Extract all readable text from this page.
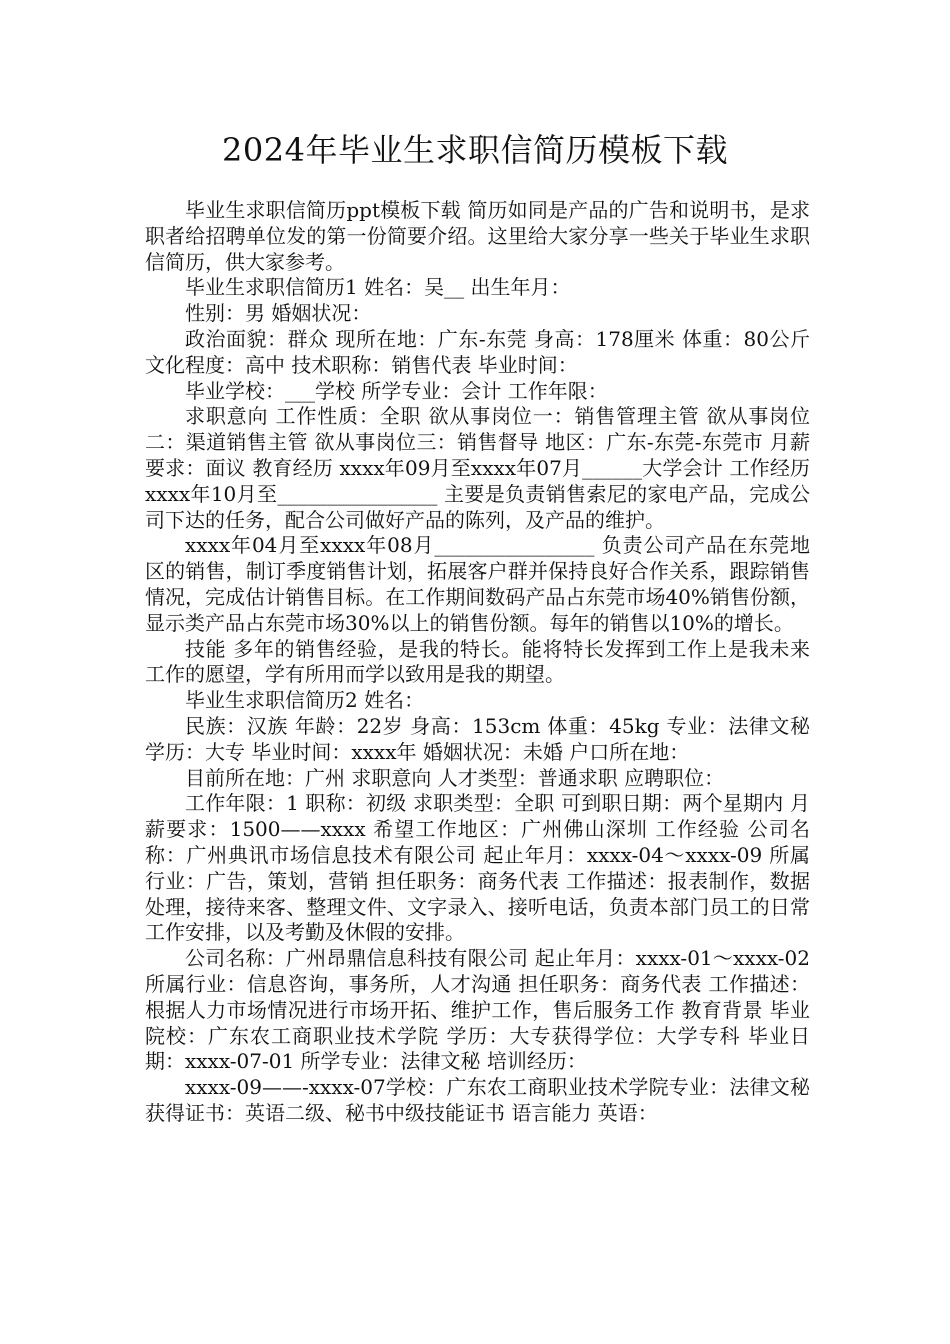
2024年毕业生求职信简历模板下载

毕业生求职信简历ppt模板下载 简历如同是产品的广告和说明书，是求职者给招聘单位发的第一份简要介绍。这里给大家分享一些关于毕业生求职信简历，供大家参考。

毕业生求职信简历1 姓名：吴__ 出生年月：

性别：男 婚姻状况：

政治面貌：群众 现所在地：广东-东莞 身高：178厘米 体重：80公斤 文化程度：高中 技术职称：销售代表 毕业时间：

毕业学校：___学校 所学专业：会计 工作年限：

求职意向 工作性质：全职 欲从事岗位一：销售管理主管 欲从事岗位二：渠道销售主管 欲从事岗位三：销售督导 地区：广东-东莞-东莞市 月薪要求：面议 教育经历 xxxx年09月至xxxx年07月______大学会计 工作经历 xxxx年10月至________________ 主要是负责销售索尼的家电产品，完成公司下达的任务，配合公司做好产品的陈列，及产品的维护。

xxxx年04月至xxxx年08月________________ 负责公司产品在东莞地区的销售，制订季度销售计划，拓展客户群并保持良好合作关系，跟踪销售情况，完成估计销售目标。在工作期间数码产品占东莞市场40%销售份额，显示类产品占东莞市场30%以上的销售份额。每年的销售以10%的增长。

技能 多年的销售经验，是我的特长。能将特长发挥到工作上是我未来工作的愿望，学有所用而学以致用是我的期望。

毕业生求职信简历2 姓名：

民族：汉族 年龄：22岁 身高：153cm 体重：45kg 专业：法律文秘 学历：大专 毕业时间：xxxx年 婚姻状况：未婚 户口所在地：

目前所在地：广州 求职意向 人才类型：普通求职 应聘职位：

工作年限：1 职称：初级 求职类型：全职 可到职日期：两个星期内 月薪要求：1500——xxxx 希望工作地区：广州佛山深圳 工作经验 公司名称：广州典讯市场信息技术有限公司 起止年月：xxxx-04～xxxx-09 所属行业：广告，策划，营销 担任职务：商务代表 工作描述：报表制作，数据处理，接待来客、整理文件、文字录入、接听电话，负责本部门员工的日常工作安排，以及考勤及休假的安排。

公司名称：广州昂鼎信息科技有限公司 起止年月：xxxx-01～xxxx-02 所属行业：信息咨询，事务所，人才沟通 担任职务：商务代表 工作描述：根据人力市场情况进行市场开拓、维护工作，售后服务工作 教育背景 毕业院校：广东农工商职业技术学院 学历：大专获得学位：大学专科 毕业日期：xxxx-07-01 所学专业：法律文秘 培训经历：

xxxx-09——-xxxx-07学校：广东农工商职业技术学院专业：法律文秘获得证书：英语二级、秘书中级技能证书 语言能力 英语：
